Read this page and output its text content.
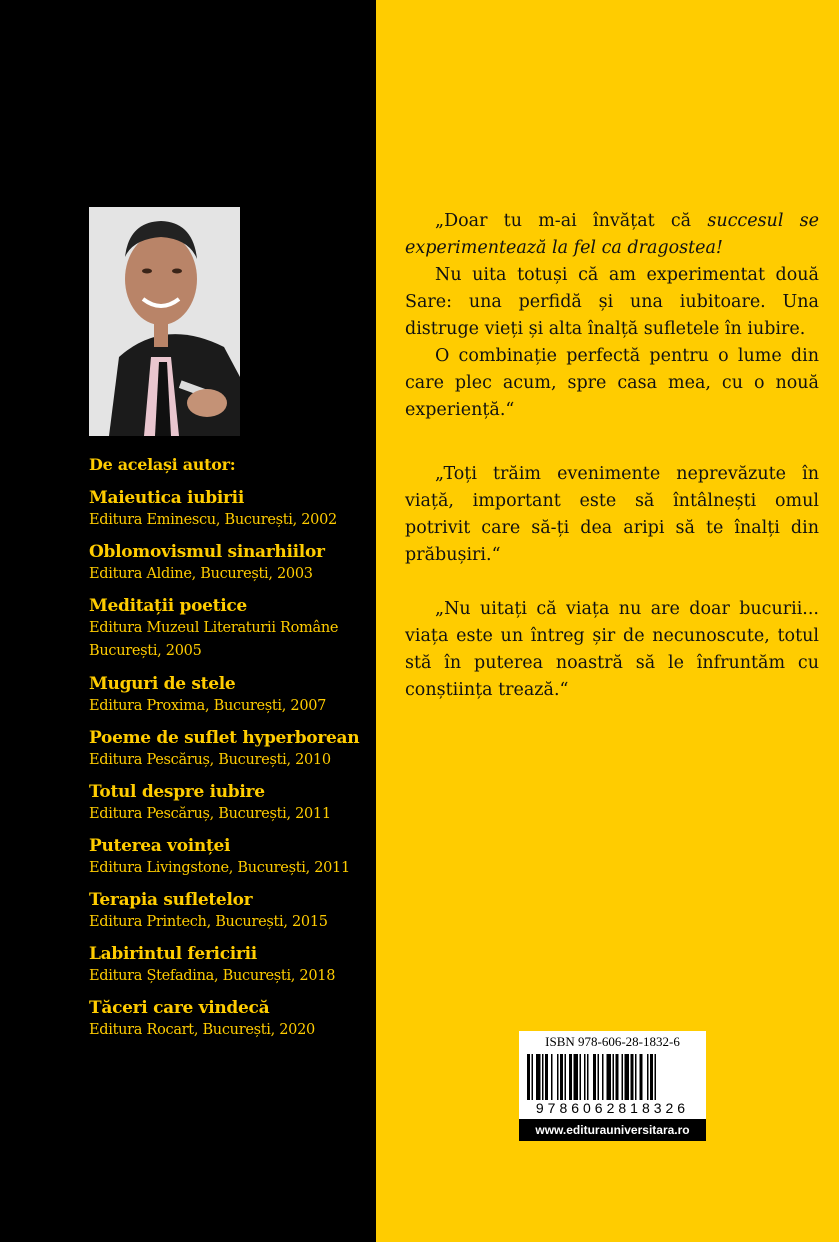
De același autor:
Maieutica iubirii
Editura Eminescu, București, 2002
Oblomovismul sinarhiilor
Editura Aldine, București, 2003
Meditații poetice
Editura Muzeul Literaturii Române București, 2005
Muguri de stele
Editura Proxima, București, 2007
Poeme de suflet hyperborean
Editura Pescăruș, București, 2010
Totul despre iubire
Editura Pescăruș, București, 2011
Puterea voinței
Editura Livingstone, București, 2011
Terapia sufletelor
Editura Printech, București, 2015
Labirintul fericirii
Editura Ștefadina, București, 2018
Tăceri care vindecă
Editura Rocart, București, 2020

„Doar tu m-ai învățat că succesul se experimentează la fel ca dragostea!

Nu uita totuși că am experimentat două Sare: una perfidă și una iubitoare. Una distruge vieți și alta înalță sufletele în iubire.

O combinație perfectă pentru o lume din care plec acum, spre casa mea, cu o nouă experiență.“

„Toți trăim evenimente neprevăzute în viață, important este să întâlnești omul potrivit care să-ți dea aripi să te înalți din prăbușiri.“

„Nu uitați că viața nu are doar bucurii... viața este un întreg șir de necunoscute, totul stă în puterea noastră să le înfruntăm cu conștiința trează.“

ISBN 978-606-28-1832-6
9786062818326
www.editurauniversitara.ro
